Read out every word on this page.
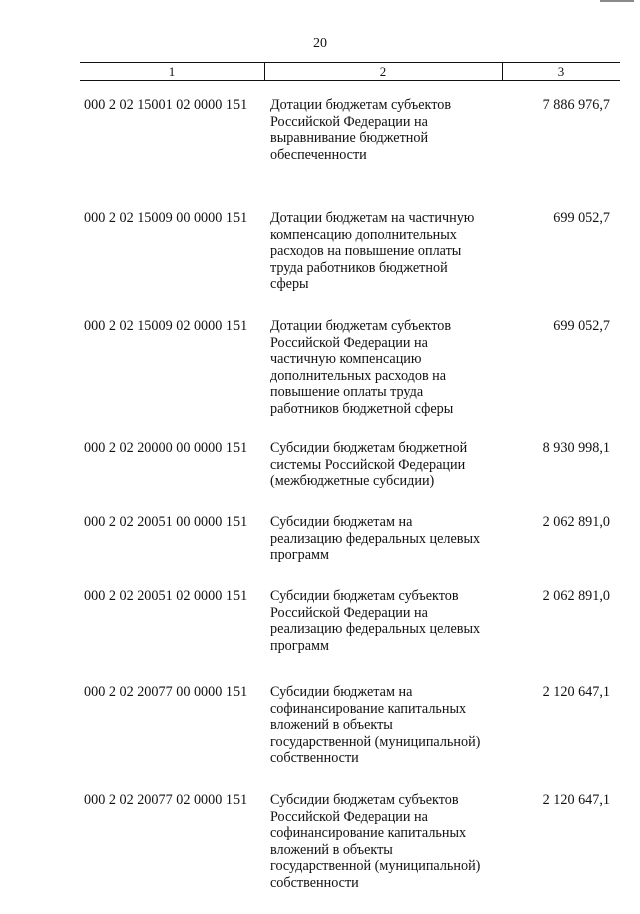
20
1	2	3
000 2 02 15001 02 0000 151 Дотации бюджетам субъектов
Российской Федерации на
выравнивание бюджетной
обеспеченности
7 886 976,7
000 2 02 15009 00 0000 151 Дотации бюджетам на частичную
компенсацию дополнительных
расходов на повышение оплаты
труда работников бюджетной
сферы
699 052,7
000 2 02 15009 02 0000 151 Дотации бюджетам субъектов
Российской Федерации на
частичную компенсацию
дополнительных расходов на
повышение оплаты труда
работников бюджетной сферы
699 052,7
000 2 02 20000 00 0000 151 Субсидии бюджетам бюджетной
системы Российской Федерации
(межбюджетные субсидии)
8 930 998,1
000 2 02 20051 00 0000 151 Субсидии бюджетам на
реализацию федеральных целевых
программ
2 062 891,0
000 2 02 20051 02 0000 151 Субсидии бюджетам субъектов
Российской Федерации на
реализацию федеральных целевых
программ
2 062 891,0
000 2 02 20077 00 0000 151 Субсидии бюджетам на
софинансирование капитальных
вложений в объекты
государственной (муниципальной)
собственности
2 120 647,1
000 2 02 20077 02 0000 151 Субсидии бюджетам субъектов
Российской Федерации на
софинансирование капитальных
вложений в объекты
государственной (муниципальной)
собственности
2 120 647,1
